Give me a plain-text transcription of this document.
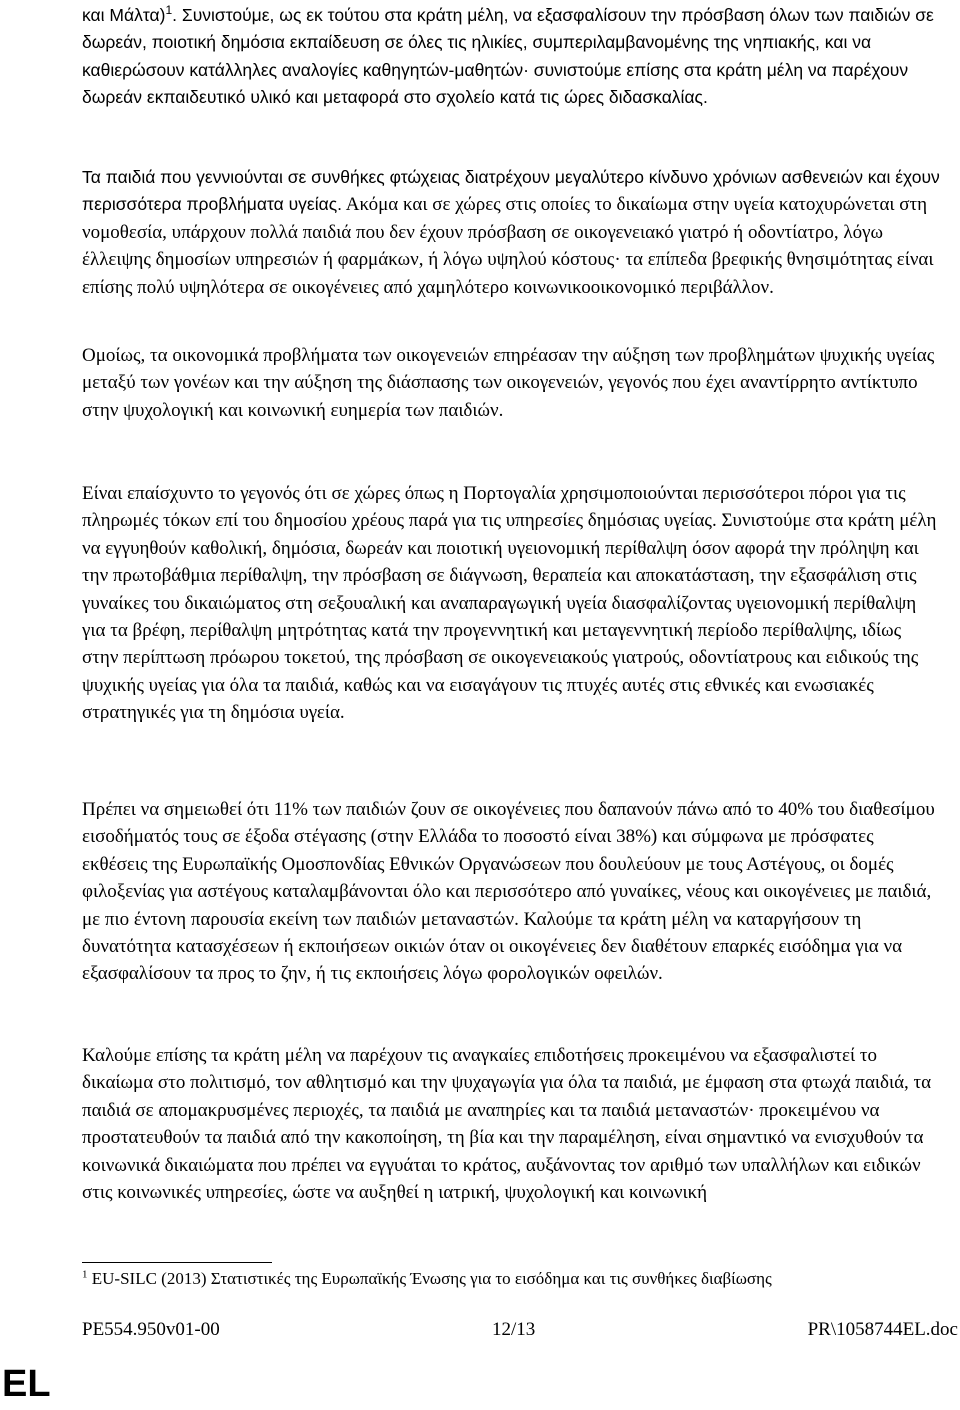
και Μάλτα)$^1$. Συνιστούμε, ως εκ τούτου στα κράτη μέλη, να εξασφαλίσουν την πρόσβαση όλων των παιδιών σε δωρεάν, ποιοτική δημόσια εκπαίδευση σε όλες τις ηλικίες, συμπεριλαμβανομένης της νηπιακής, και να καθιερώσουν κατάλληλες αναλογίες καθηγητών-μαθητών· συνιστούμε επίσης στα κράτη μέλη να παρέχουν δωρεάν εκπαιδευτικό υλικό και μεταφορά στο σχολείο κατά τις ώρες διδασκαλίας.

Τα παιδιά που γεννιούνται σε συνθήκες φτώχειας διατρέχουν μεγαλύτερο κίνδυνο χρόνιων ασθενειών και έχουν περισσότερα προβλήματα υγείας. Ακόμα και σε χώρες στις οποίες το δικαίωμα στην υγεία κατοχυρώνεται στη νομοθεσία, υπάρχουν πολλά παιδιά που δεν έχουν πρόσβαση σε οικογενειακό γιατρό ή οδοντίατρο, λόγω έλλειψης δημοσίων υπηρεσιών ή φαρμάκων, ή λόγω υψηλού κόστους· τα επίπεδα βρεφικής θνησιμότητας είναι επίσης πολύ υψηλότερα σε οικογένειες από χαμηλότερο κοινωνικοοικονομικό περιβάλλον.

Ομοίως, τα οικονομικά προβλήματα των οικογενειών επηρέασαν την αύξηση των προβλημάτων ψυχικής υγείας μεταξύ των γονέων και την αύξηση της διάσπασης των οικογενειών, γεγονός που έχει αναντίρρητο αντίκτυπο στην ψυχολογική και κοινωνική ευημερία των παιδιών.

Είναι επαίσχυντο το γεγονός ότι σε χώρες όπως η Πορτογαλία χρησιμοποιούνται περισσότεροι πόροι για τις πληρωμές τόκων επί του δημοσίου χρέους παρά για τις υπηρεσίες δημόσιας υγείας. Συνιστούμε στα κράτη μέλη να εγγυηθούν καθολική, δημόσια, δωρεάν και ποιοτική υγειονομική περίθαλψη όσον αφορά την πρόληψη και την πρωτοβάθμια περίθαλψη, την πρόσβαση σε διάγνωση, θεραπεία και αποκατάσταση, την εξασφάλιση στις γυναίκες του δικαιώματος στη σεξουαλική και αναπαραγωγική υγεία διασφαλίζοντας υγειονομική περίθαλψη για τα βρέφη, περίθαλψη μητρότητας κατά την προγεννητική και μεταγεννητική περίοδο περίθαλψης, ιδίως στην περίπτωση πρόωρου τοκετού, της πρόσβαση σε οικογενειακούς γιατρούς, οδοντίατρους και ειδικούς της ψυχικής υγείας για όλα τα παιδιά, καθώς και να εισαγάγουν τις πτυχές αυτές στις εθνικές και ενωσιακές στρατηγικές για τη δημόσια υγεία.

Πρέπει να σημειωθεί ότι 11% των παιδιών ζουν σε οικογένειες που δαπανούν πάνω από το 40% του διαθεσίμου εισοδήματός τους σε έξοδα στέγασης (στην Ελλάδα το ποσοστό είναι 38%) και σύμφωνα με πρόσφατες εκθέσεις της Ευρωπαϊκής Ομοσπονδίας Εθνικών Οργανώσεων που δουλεύουν με τους Αστέγους, οι δομές φιλοξενίας για αστέγους καταλαμβάνονται όλο και περισσότερο από γυναίκες, νέους και οικογένειες με παιδιά, με πιο έντονη παρουσία εκείνη των παιδιών μεταναστών. Καλούμε τα κράτη μέλη να καταργήσουν τη δυνατότητα κατασχέσεων ή εκποιήσεων οικιών όταν οι οικογένειες δεν διαθέτουν επαρκές εισόδημα για να εξασφαλίσουν τα προς το ζην, ή τις εκποιήσεις λόγω φορολογικών οφειλών.

Καλούμε επίσης τα κράτη μέλη να παρέχουν τις αναγκαίες επιδοτήσεις προκειμένου να εξασφαλιστεί το δικαίωμα στο πολιτισμό, τον αθλητισμό και την ψυχαγωγία για όλα τα παιδιά, με έμφαση στα φτωχά παιδιά, τα παιδιά σε απομακρυσμένες περιοχές, τα παιδιά με αναπηρίες και τα παιδιά μεταναστών· προκειμένου να προστατευθούν τα παιδιά από την κακοποίηση, τη βία και την παραμέληση, είναι σημαντικό να ενισχυθούν τα κοινωνικά δικαιώματα που πρέπει να εγγυάται το κράτος, αυξάνοντας τον αριθμό των υπαλλήλων και ειδικών στις κοινωνικές υπηρεσίες, ώστε να αυξηθεί η ιατρική, ψυχολογική και κοινωνική

$^1$ EU-SILC (2013) Στατιστικές της Ευρωπαϊκής Ένωσης για το εισόδημα και τις συνθήκες διαβίωσης
PE554.950v01-00	12/13	PR\1058744EL.doc
EL
